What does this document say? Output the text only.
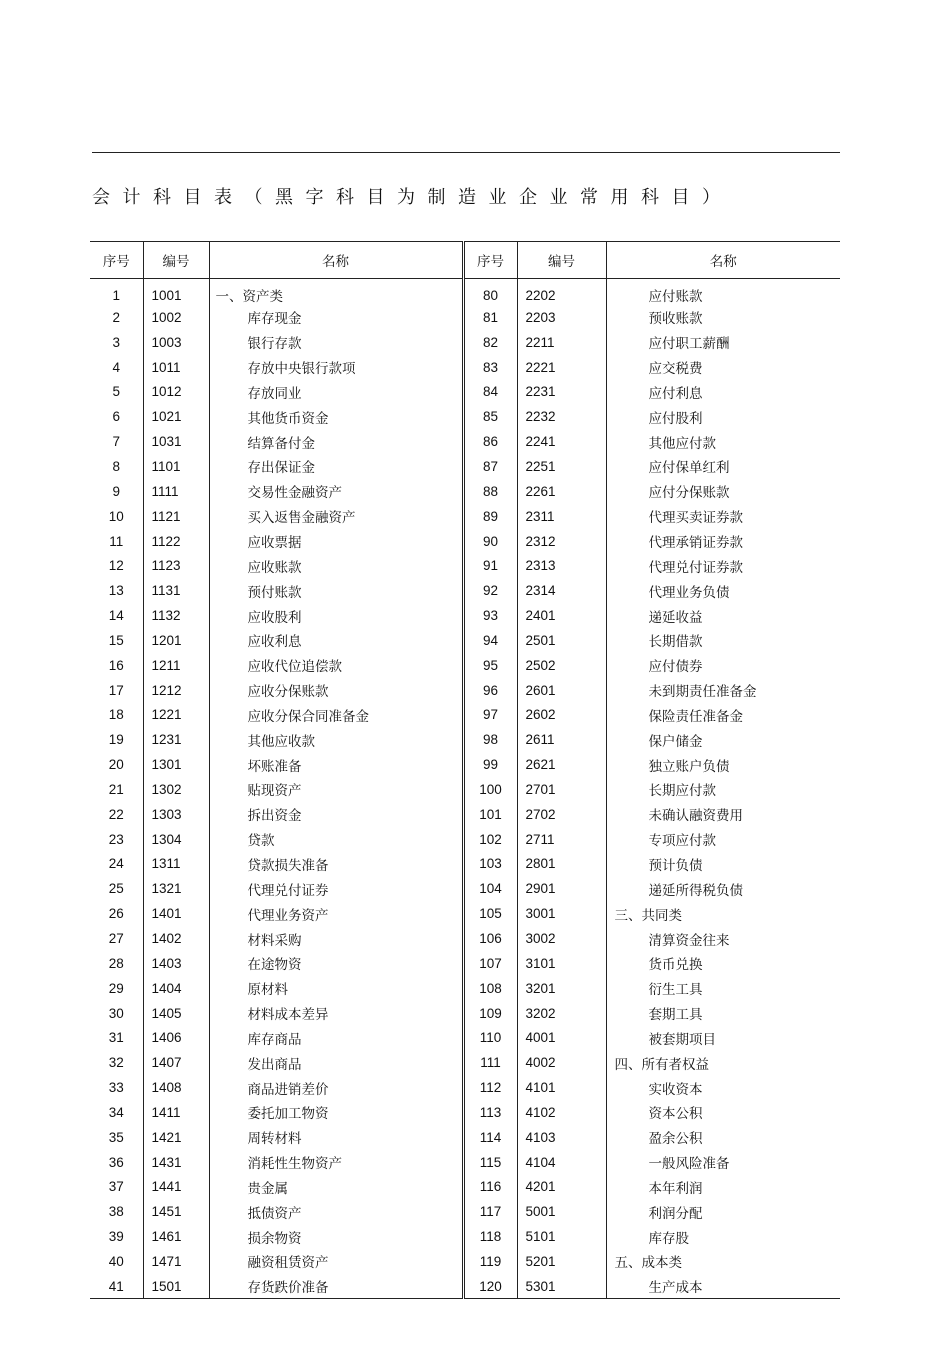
会计科目表（黑字科目为制造业企业常用科目）
序号	编号	名称	序号	编号	名称
1	1001	一、资产类	80	2202	应付账款

2	1002	库存现金	81	2203	预收账款

3	1003	银行存款	82	2211	应付职工薪酬

4	1011	存放中央银行款项	83	2221	应交税费

5	1012	存放同业	84	2231	应付利息

6	1021	其他货币资金	85	2232	应付股利

7	1031	结算备付金	86	2241	其他应付款

8	1101	存出保证金	87	2251	应付保单红利

9	1111	交易性金融资产	88	2261	应付分保账款

10	1121	买入返售金融资产	89	2311	代理买卖证券款

11	1122	应收票据	90	2312	代理承销证券款

12	1123	应收账款	91	2313	代理兑付证券款

13	1131	预付账款	92	2314	代理业务负债

14	1132	应收股利	93	2401	递延收益

15	1201	应收利息	94	2501	长期借款

16	1211	应收代位追偿款	95	2502	应付债券

17	1212	应收分保账款	96	2601	未到期责任准备金

18	1221	应收分保合同准备金	97	2602	保险责任准备金

19	1231	其他应收款	98	2611	保户储金

20	1301	坏账准备	99	2621	独立账户负债

21	1302	贴现资产	100	2701	长期应付款

22	1303	拆出资金	101	2702	未确认融资费用

23	1304	贷款	102	2711	专项应付款

24	1311	贷款损失准备	103	2801	预计负债

25	1321	代理兑付证券	104	2901	递延所得税负债

26	1401	代理业务资产	105	3001	三、共同类

27	1402	材料采购	106	3002	清算资金往来

28	1403	在途物资	107	3101	货币兑换

29	1404	原材料	108	3201	衍生工具

30	1405	材料成本差异	109	3202	套期工具

31	1406	库存商品	110	4001	被套期项目

32	1407	发出商品	111	4002	四、所有者权益

33	1408	商品进销差价	112	4101	实收资本

34	1411	委托加工物资	113	4102	资本公积

35	1421	周转材料	114	4103	盈余公积

36	1431	消耗性生物资产	115	4104	一般风险准备

37	1441	贵金属	116	4201	本年利润

38	1451	抵债资产	117	5001	利润分配

39	1461	损余物资	118	5101	库存股

40	1471	融资租赁资产	119	5201	五、成本类

41	1501	存货跌价准备	120	5301	生产成本
